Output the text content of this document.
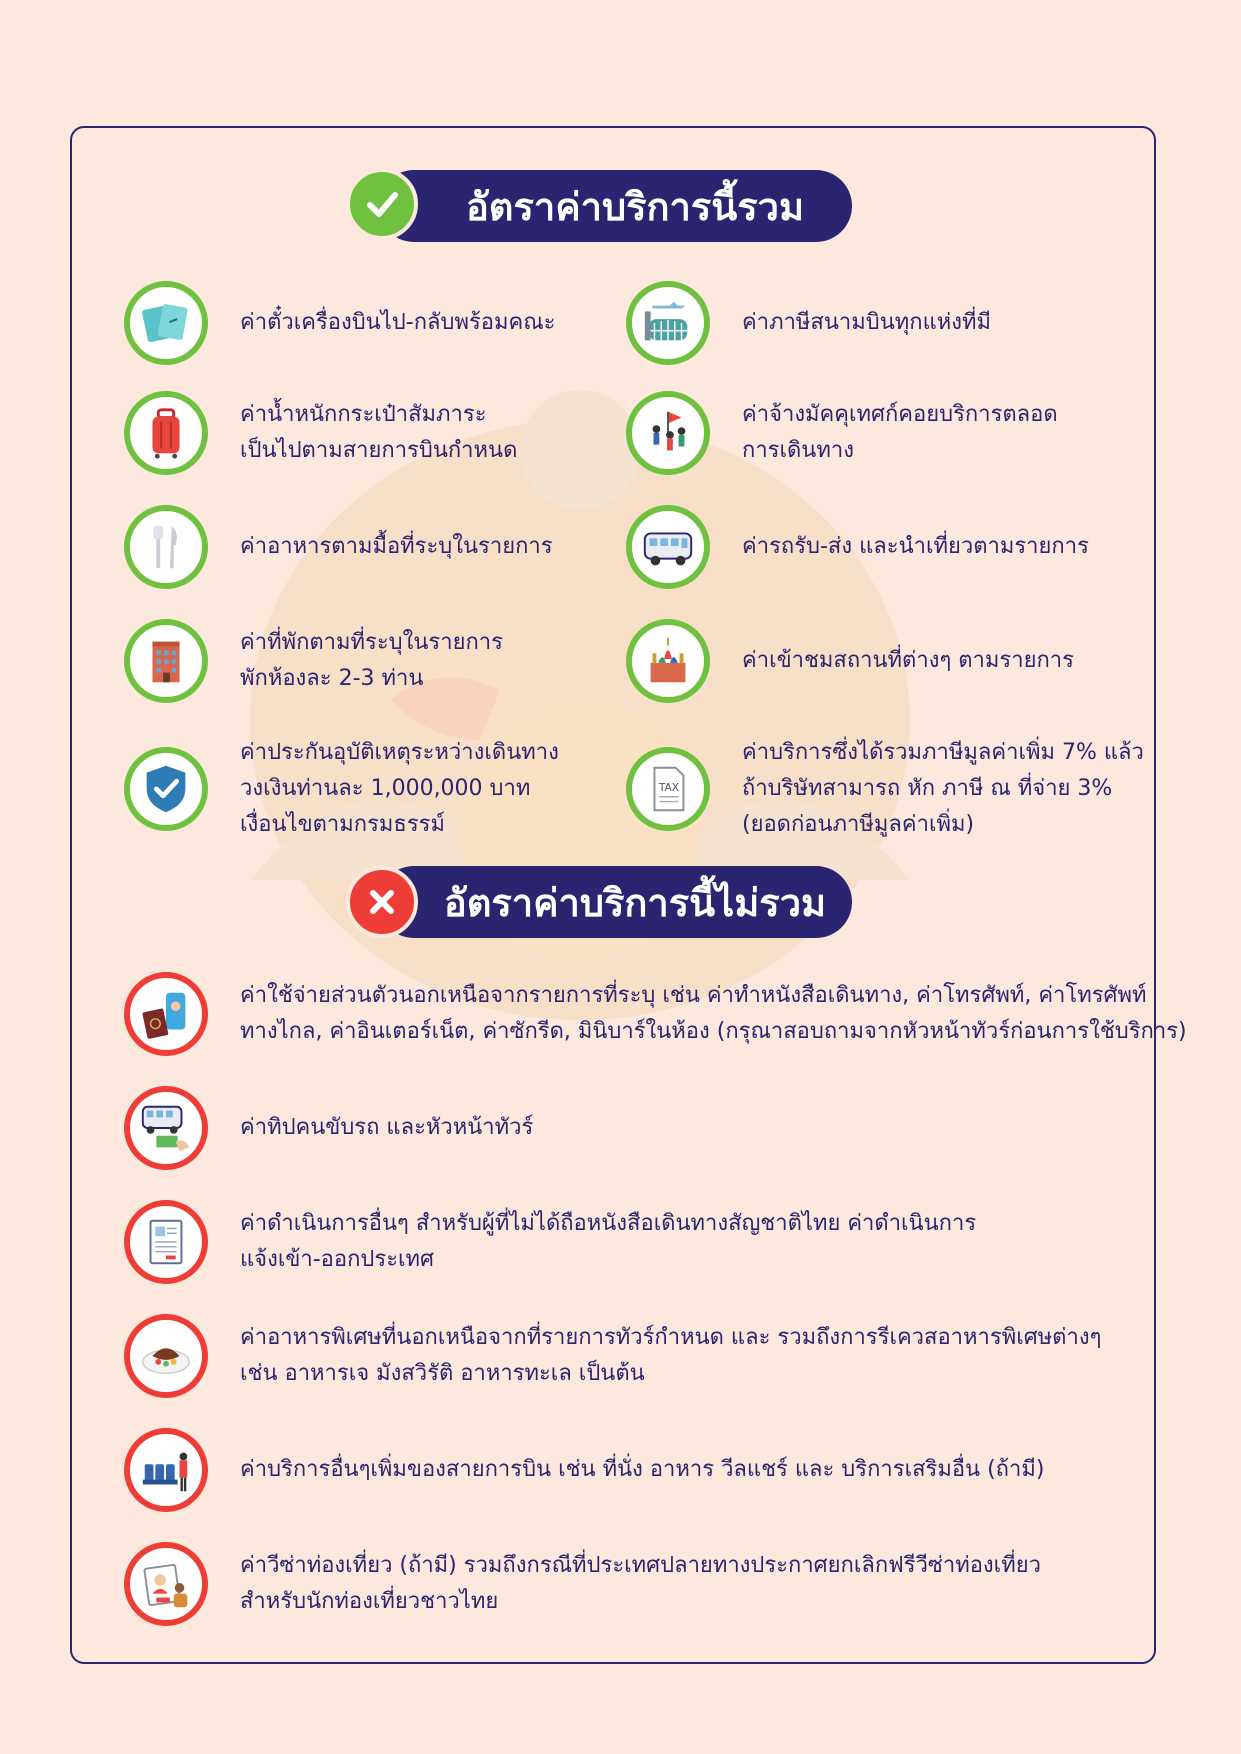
อัตราค่าบริการนี้รวม
ค่าตั๋วเครื่องบินไป-กลับพร้อมคณะ
ค่าน้ำหนักกระเป๋าสัมภาระ
เป็นไปตามสายการบินกำหนด
ค่าอาหารตามมื้อที่ระบุในรายการ
ค่าที่พักตามที่ระบุในรายการ
พักห้องละ 2-3 ท่าน
ค่าประกันอุบัติเหตุระหว่างเดินทาง
วงเงินท่านละ 1,000,000 บาท
เงื่อนไขตามกรมธรรม์
ค่าภาษีสนามบินทุกแห่งที่มี
ค่าจ้างมัคคุเทศก์คอยบริการตลอด
การเดินทาง
ค่ารถรับ-ส่ง และนำเที่ยวตามรายการ
ค่าเข้าชมสถานที่ต่างๆ ตามรายการ
TAX
ค่าบริการซึ่งได้รวมภาษีมูลค่าเพิ่ม 7% แล้ว
ถ้าบริษัทสามารถ หัก ภาษี ณ ที่จ่าย 3%
(ยอดก่อนภาษีมูลค่าเพิ่ม)
อัตราค่าบริการนี้ไม่รวม
ค่าใช้จ่ายส่วนตัวนอกเหนือจากรายการที่ระบุ เช่น ค่าทำหนังสือเดินทาง, ค่าโทรศัพท์, ค่าโทรศัพท์
ทางไกล, ค่าอินเตอร์เน็ต, ค่าซักรีด, มินิบาร์ในห้อง (กรุณาสอบถามจากหัวหน้าทัวร์ก่อนการใช้บริการ)
ค่าทิปคนขับรถ และหัวหน้าทัวร์
ค่าดำเนินการอื่นๆ สำหรับผู้ที่ไม่ได้ถือหนังสือเดินทางสัญชาติไทย ค่าดำเนินการ
แจ้งเข้า-ออกประเทศ
ค่าอาหารพิเศษที่นอกเหนือจากที่รายการทัวร์กำหนด และ รวมถึงการรีเควสอาหารพิเศษต่างๆ
เช่น อาหารเจ มังสวิรัติ อาหารทะเล เป็นต้น
ค่าบริการอื่นๆเพิ่มของสายการบิน เช่น ที่นั่ง อาหาร วีลแชร์ และ บริการเสริมอื่น (ถ้ามี)
ค่าวีซ่าท่องเที่ยว (ถ้ามี) รวมถึงกรณีที่ประเทศปลายทางประกาศยกเลิกฟรีวีซ่าท่องเที่ยว
สำหรับนักท่องเที่ยวชาวไทย
